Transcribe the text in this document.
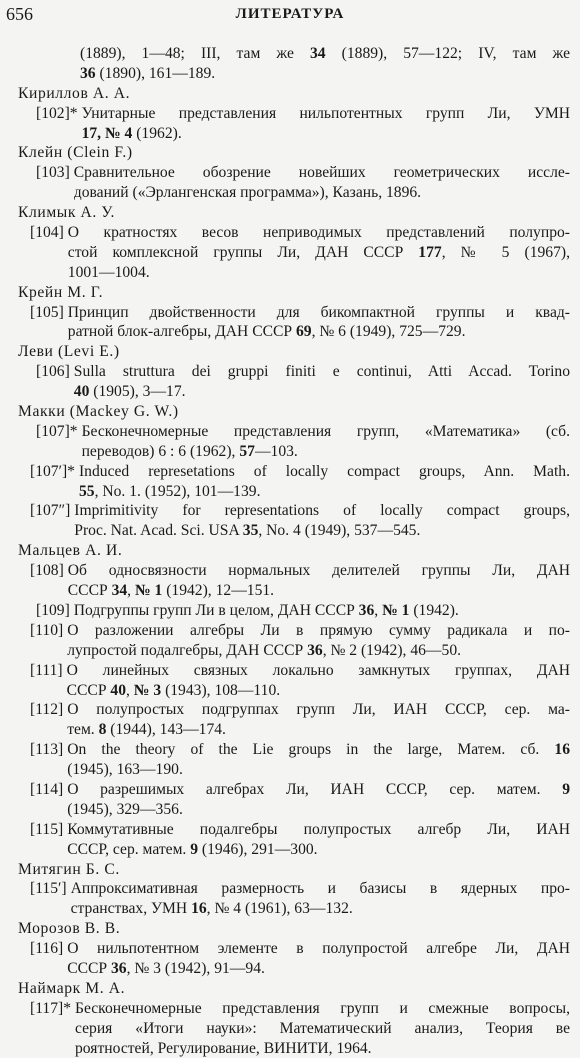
656	ЛИТЕРАТУРА
(1889), 1—48; III, там же 34 (1889), 57—122; IV, там же
36 (1890), 161—189.
Кириллов А. А.
[102]* Унитарные представления нильпотентных групп Ли, УМН
17, № 4 (1962).
Клейн (Clein F.)
[103] Сравнительное обозрение новейших геометрических иссле-
дований («Эрлангенская программа»), Казань, 1896.
Климык А. У.
[104] О кратностях весов неприводимых представлений полупро-
стой комплексной группы Ли, ДАН СССР 177, № 5 (1967),
1001—1004.
Крейн М. Г.
[105] Принцип двойственности для бикомпактной группы и квад-
ратной блок-алгебры, ДАН СССР 69, № 6 (1949), 725—729.
Леви (Levi E.)
[106] Sulla struttura dei gruppi finiti e continui, Atti Accad. Torino
40 (1905), 3—17.
Макки (Mackey G. W.)
[107]* Бесконечномерные представления групп, «Математика» (сб.
переводов) 6 : 6 (1962), 57—103.
[107′]* Induced represetations of locally compact groups, Ann. Math.
55, No. 1. (1952), 101—139.
[107″] Imprimitivity for representations of locally compact groups,
Proc. Nat. Acad. Sci. USA 35, No. 4 (1949), 537—545.
Мальцев А. И.
[108] Об односвязности нормальных делителей группы Ли, ДАН
СССР 34, № 1 (1942), 12—151.
[109] Подгруппы групп Ли в целом, ДАН СССР 36, № 1 (1942).
[110] О разложении алгебры Ли в прямую сумму радикала и по-
лупростой подалгебры, ДАН СССР 36, № 2 (1942), 46—50.
[111] О линейных связных локально замкнутых группах, ДАН
СССР 40, № 3 (1943), 108—110.
[112] О полупростых подгруппах групп Ли, ИАН СССР, сер. ма-
тем. 8 (1944), 143—174.
[113] On the theory of the Lie groups in the large, Матем. сб. 16
(1945), 163—190.
[114] О разрешимых алгебрах Ли, ИАН СССР, сер. матем. 9
(1945), 329—356.
[115] Коммутативные подалгебры полупростых алгебр Ли, ИАН
СССР, сер. матем. 9 (1946), 291—300.
Митягин Б. С.
[115′] Аппроксимативная размерность и базисы в ядерных про-
странствах, УМН 16, № 4 (1961), 63—132.
Морозов В. В.
[116] О нильпотентном элементе в полупростой алгебре Ли, ДАН
СССР 36, № 3 (1942), 91—94.
Наймарк М. А.
[117]* Бесконечномерные представления групп и смежные вопросы,
серия «Итоги науки»: Математический анализ, Теория ве
роятностей, Регулирование, ВИНИТИ, 1964.
